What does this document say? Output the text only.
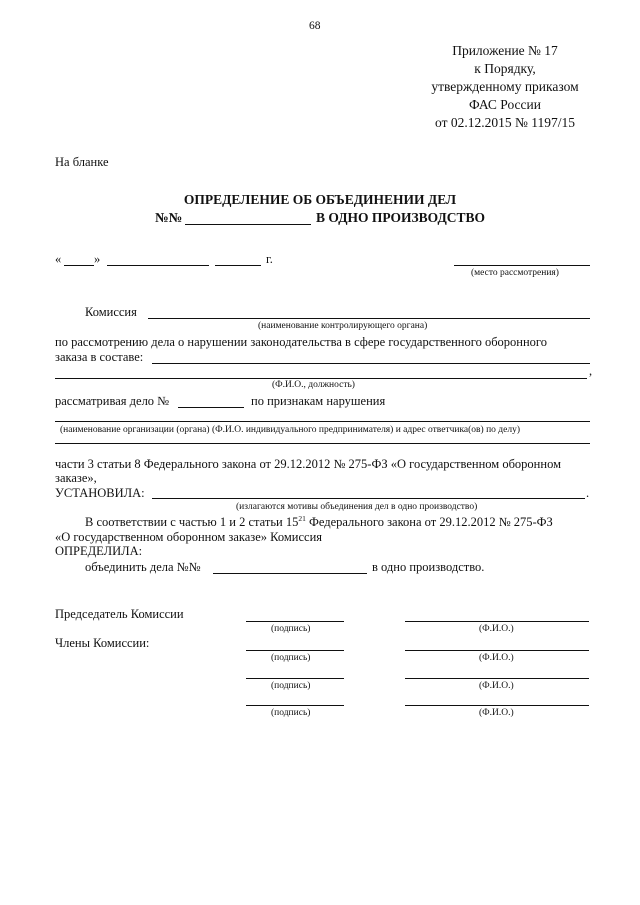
68
Приложение № 17
к Порядку,
утвержденному приказом
ФАС России
от 02.12.2015 № 1197/15
На бланке
ОПРЕДЕЛЕНИЕ ОБ ОБЪЕДИНЕНИИ ДЕЛ
№№	В ОДНО ПРОИЗВОДСТВО
«	»	г.
(место рассмотрения)
Комиссия
(наименование контролирующего органа)
по рассмотрению дела о нарушении законодательства в сфере государственного оборонного
заказа в составе:
,
(Ф.И.О., должность)
рассматривая дело №	по признакам нарушения
(наименование организации (органа) (Ф.И.О. индивидуального предпринимателя) и адрес ответчика(ов) по делу)
части 3 статьи 8 Федерального закона от 29.12.2012 № 275-ФЗ «О государственном оборонном
заказе»,
УСТАНОВИЛА:	.
(излагаются мотивы объединения дел в одно производство)
В соответствии с частью 1 и 2 статьи $15^{21}$ Федерального закона от 29.12.2012 № 275-ФЗ
«О государственном оборонном заказе» Комиссия
ОПРЕДЕЛИЛА:
объединить дела №№	в одно производство.
Председатель Комиссии
Члены Комиссии:
(подпись)	(Ф.И.О.)
(подпись)	(Ф.И.О.)
(подпись)	(Ф.И.О.)
(подпись)	(Ф.И.О.)
